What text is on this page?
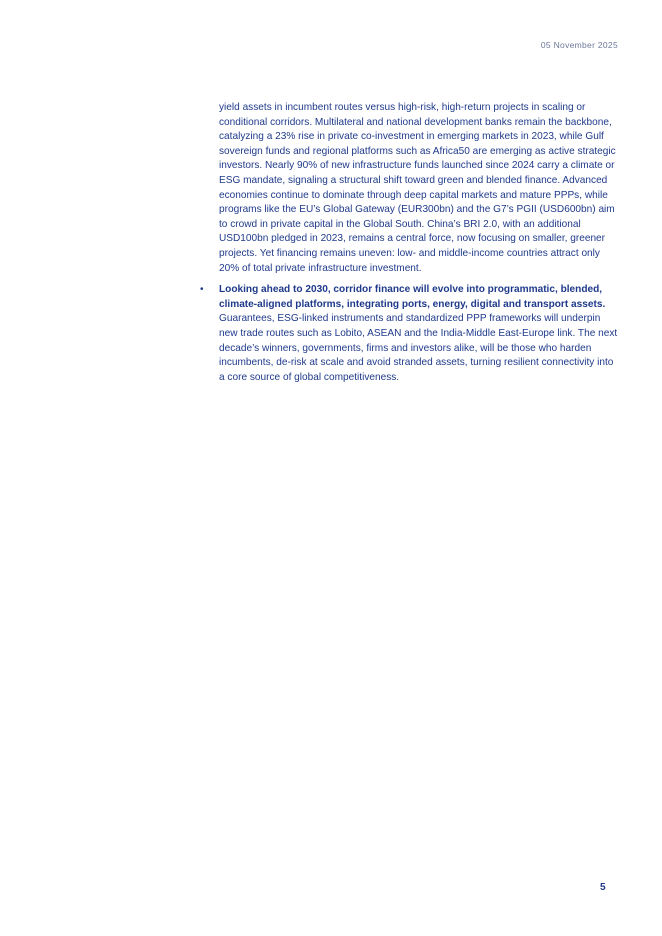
05 November 2025

yield assets in incumbent routes versus high-risk, high-return projects in scaling or conditional corridors. Multilateral and national development banks remain the backbone, catalyzing a 23% rise in private co-investment in emerging markets in 2023, while Gulf sovereign funds and regional platforms such as Africa50 are emerging as active strategic investors. Nearly 90% of new infrastructure funds launched since 2024 carry a climate or ESG mandate, signaling a structural shift toward green and blended finance. Advanced economies continue to dominate through deep capital markets and mature PPPs, while programs like the EU’s Global Gateway (EUR300bn) and the G7’s PGII (USD600bn) aim to crowd in private capital in the Global South. China’s BRI 2.0, with an additional USD100bn pledged in 2023, remains a central force, now focusing on smaller, greener projects. Yet financing remains uneven: low- and middle-income countries attract only 20% of total private infrastructure investment.

• Looking ahead to 2030, corridor finance will evolve into programmatic, blended, climate-aligned platforms, integrating ports, energy, digital and transport assets. Guarantees, ESG-linked instruments and standardized PPP frameworks will underpin new trade routes such as Lobito, ASEAN and the India-Middle East-Europe link. The next decade’s winners, governments, firms and investors alike, will be those who harden incumbents, de-risk at scale and avoid stranded assets, turning resilient connectivity into a core source of global competitiveness.

5
